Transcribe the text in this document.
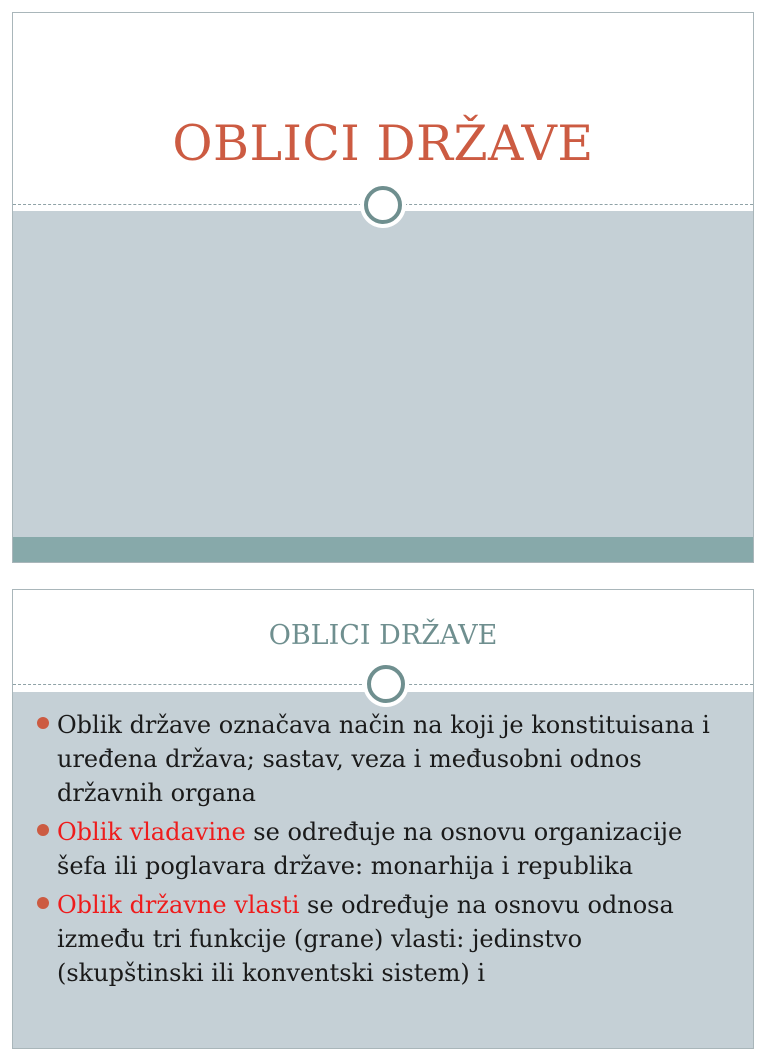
OBLICI DRŽAVE
OBLICI DRŽAVE
Oblik države označava način na koji je konstituisana i uređena država; sastav, veza i međusobni odnos državnih organa
Oblik vladavine se određuje na osnovu organizacije šefa ili poglavara države: monarhija i republika
Oblik državne vlasti se određuje na osnovu odnosa između tri funkcije (grane) vlasti: jedinstvo (skupštinski ili konventski sistem) i
